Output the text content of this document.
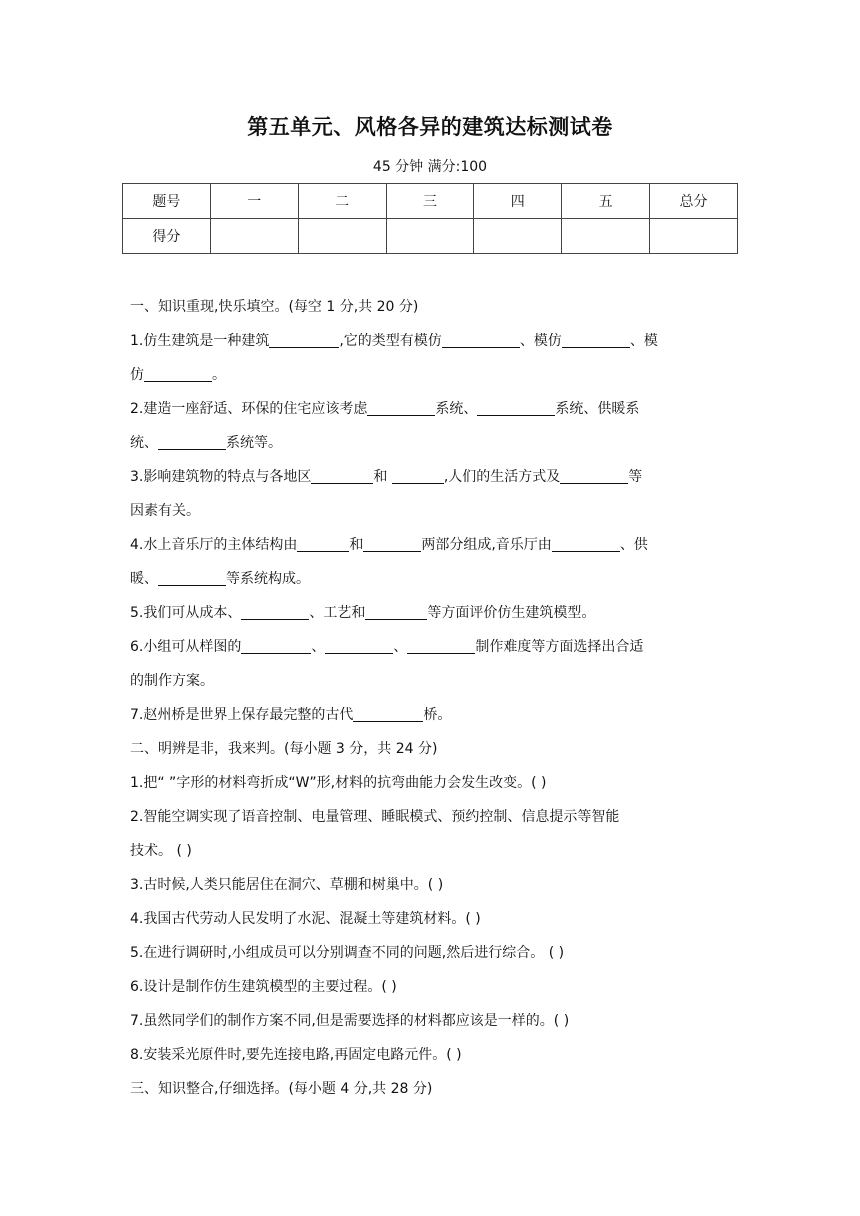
第五单元、风格各异的建筑达标测试卷
45 分钟 满分:100
题号	一	二	三	四	五	总分
得分						
一、知识重现,快乐填空。(每空 1 分,共 20 分)
1.仿生建筑是一种建筑	,它的类型有模仿	、模仿	、模
仿	。
2.建造一座舒适、环保的住宅应该考虑	系统、	系统、供暖系
统、	系统等。
3.影响建筑物的特点与各地区	和	,人们的生活方式及	等
因素有关。
4.水上音乐厅的主体结构由	和	两部分组成,音乐厅由	、供
暖、	等系统构成。
5.我们可从成本、	、工艺和	等方面评价仿生建筑模型。
6.小组可从样图的	、	、	制作难度等方面选择出合适
的制作方案。
7.赵州桥是世界上保存最完整的古代	桥。
二、明辨是非，我来判。(每小题 3 分，共 24 分)
1.把“ ”字形的材料弯折成“W”形,材料的抗弯曲能力会发生改变。( )
2.智能空调实现了语音控制、电量管理、睡眠模式、预约控制、信息提示等智能
技术。 ( )
3.古时候,人类只能居住在洞穴、草棚和树巢中。( )
4.我国古代劳动人民发明了水泥、混凝土等建筑材料。( )
5.在进行调研时,小组成员可以分别调查不同的问题,然后进行综合。 ( )
6.设计是制作仿生建筑模型的主要过程。( )
7.虽然同学们的制作方案不同,但是需要选择的材料都应该是一样的。( )
8.安装采光原件时,要先连接电路,再固定电路元件。( )
三、知识整合,仔细选择。(每小题 4 分,共 28 分)
